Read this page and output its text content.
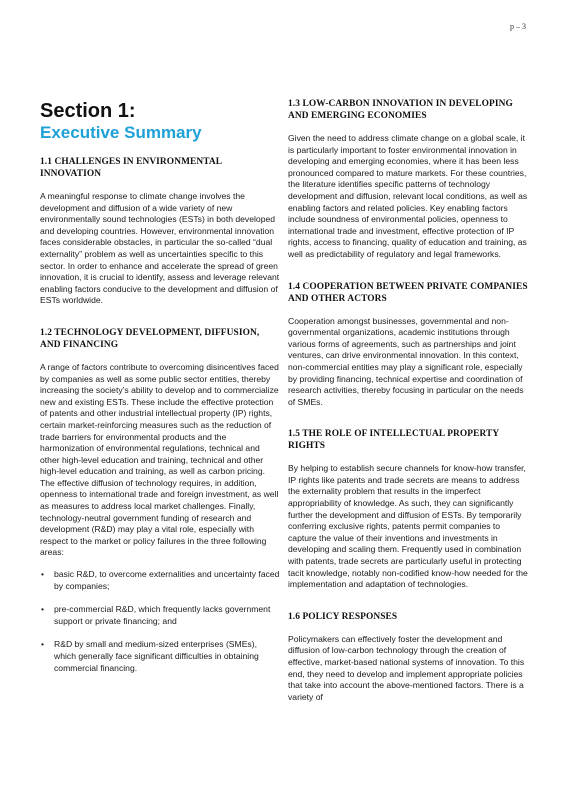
p – 3
Section 1:
Executive Summary
1.1 CHALLENGES IN ENVIRONMENTAL INNOVATION

A meaningful response to climate change involves the development and diffusion of a wide variety of new environmentally sound technologies (ESTs) in both developed and developing countries. However, environmental innovation faces considerable obstacles, in particular the so-called “dual externality” problem as well as uncertainties specific to this sector. In order to enhance and accelerate the spread of green innovation, it is crucial to identify, assess and leverage relevant enabling factors conducive to the development and diffusion of ESTs worldwide.

1.2 TECHNOLOGY DEVELOPMENT, DIFFUSION, AND FINANCING

A range of factors contribute to overcoming disincentives faced by companies as well as some public sector entities, thereby increasing the society’s ability to develop and to commercialize new and existing ESTs. These include the effective protection of patents and other industrial intellectual property (IP) rights, certain market-reinforcing measures such as the reduction of trade barriers for environmental products and the harmonization of environmental regulations, technical and other high-level education and training, technical and other high-level education and training, as well as carbon pricing. The effective diffusion of technology requires, in addition, openness to international trade and foreign investment, as well as measures to address local market challenges. Finally, technology-neutral government funding of research and development (R&D) may play a vital role, especially with respect to the market or policy failures in the three following areas:

• basic R&D, to overcome externalities and uncertainty faced by companies;
• pre-commercial R&D, which frequently lacks government support or private financing; and
• R&D by small and medium-sized enterprises (SMEs), which generally face significant difficulties in obtaining commercial financing.
1.3 LOW-CARBON INNOVATION IN DEVELOPING AND EMERGING ECONOMIES

Given the need to address climate change on a global scale, it is particularly important to foster environmental innovation in developing and emerging economies, where it has been less pronounced compared to mature markets. For these countries, the literature identifies specific patterns of technology development and diffusion, relevant local conditions, as well as enabling factors and related policies. Key enabling factors include soundness of environmental policies, openness to international trade and investment, effective protection of IP rights, access to financing, quality of education and training, as well as predictability of regulatory and legal frameworks.

1.4 COOPERATION BETWEEN PRIVATE COMPANIES AND OTHER ACTORS

Cooperation amongst businesses, governmental and non-governmental organizations, academic institutions through various forms of agreements, such as partnerships and joint ventures, can drive environmental innovation. In this context, non-commercial entities may play a significant role, especially by providing financing, technical expertise and coordination of research activities, thereby focusing in particular on the needs of SMEs.

1.5 THE ROLE OF INTELLECTUAL PROPERTY RIGHTS

By helping to establish secure channels for know-how transfer, IP rights like patents and trade secrets are means to address the externality problem that results in the imperfect appropriability of knowledge. As such, they can significantly further the development and diffusion of ESTs. By temporarily conferring exclusive rights, patents permit companies to capture the value of their inventions and investments in developing and scaling them. Frequently used in combination with patents, trade secrets are particularly useful in protecting tacit knowledge, notably non-codified know-how needed for the implementation and adaptation of technologies.

1.6 POLICY RESPONSES

Policymakers can effectively foster the development and diffusion of low-carbon technology through the creation of effective, market-based national systems of innovation. To this end, they need to develop and implement appropriate policies that take into account the above-mentioned factors. There is a variety of
